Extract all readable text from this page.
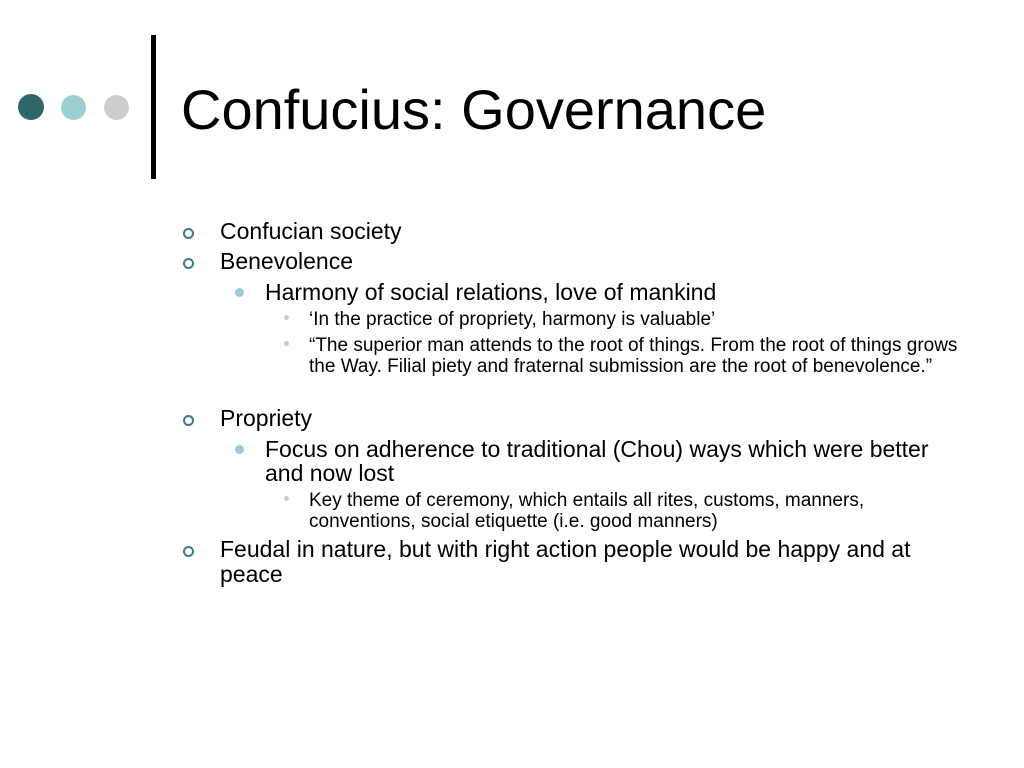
Confucius: Governance
Confucian society
Benevolence
Harmony of social relations, love of mankind
‘In the practice of propriety, harmony is valuable’
“The superior man attends to the root of things. From the root of things grows the Way. Filial piety and fraternal submission are the root of benevolence.”
Propriety
Focus on adherence to traditional (Chou) ways which were better and now lost
Key theme of ceremony, which entails all rites, customs, manners, conventions, social etiquette (i.e. good manners)
Feudal in nature, but with right action people would be happy and at peace
